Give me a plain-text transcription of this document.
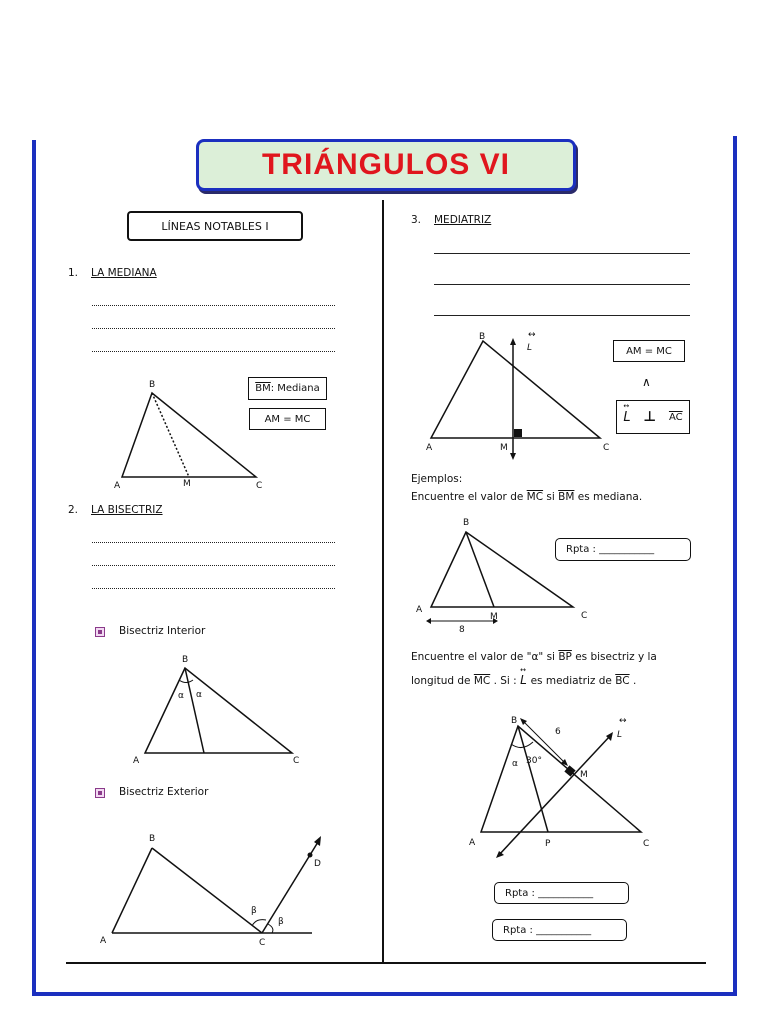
TRIÁNGULOS VI
LÍNEAS NOTABLES I
1. LA MEDIANA
B
A	M	C
$\overline{BM}$ : Mediana
AM = MC
2. LA BISECTRIZ
Bisectriz Interior
B
A	C
α α
Bisectriz Exterior
B
A	C
D
β
β
3. MEDIATRIZ
B
A	M	C
↔
L	AM = MC
∧
↔
L ⊥ $\overline{AC}$
Ejemplos:
Encuentre el valor de $\overline{MC}$ si $\overline{BM}$ es mediana.
B
A
M	C
8
Rpta : ___________
Encuentre el valor de "α" si $\overline{BP}$ es bisectriz y la
longitud de $\overline{MC}$ . Si :
↔
L es mediatriz de $\overline{BC}$ .
B
A	P	C
M
6
α 30°
↔
L
Rpta : ___________
Rpta : ___________
